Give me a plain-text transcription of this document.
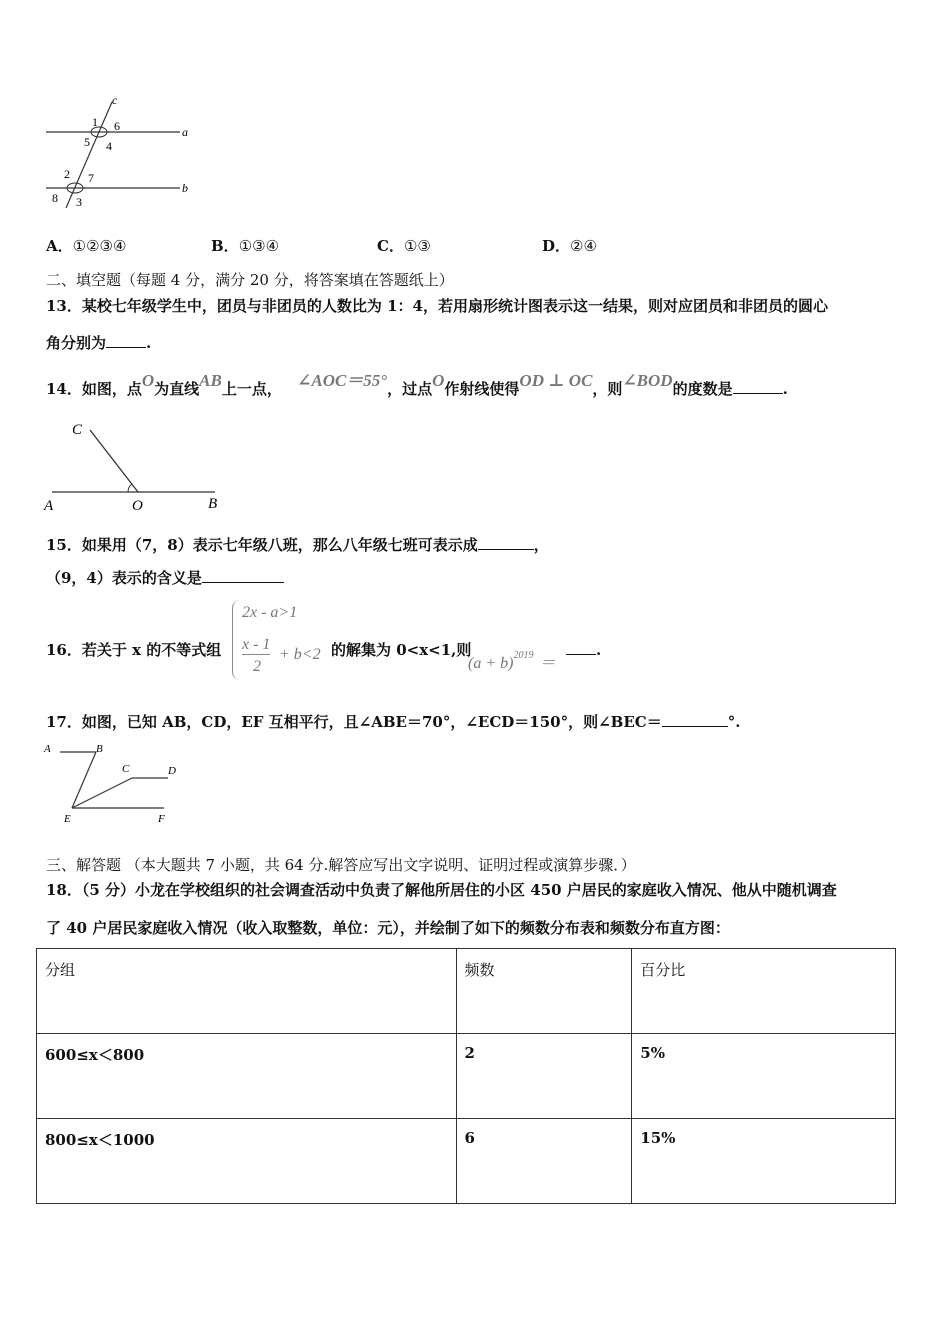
c
a
b
1 6
5 4
2 7
8 3
A．①②③④	B．①③④	C．①③	D．②④
二、填空题（每题 4 分，满分 20 分，将答案填在答题纸上）
13．某校七年级学生中，团员与非团员的人数比为 1：4，若用扇形统计图表示这一结果，则对应团员和非团员的圆心
角分别为	.
14．如图，点O为直线AB上一点， ∠AOC＝55°，过点O作射线使得OD ⊥ OC，则∠BOD的度数是	.
C
A	O	B
15．如果用（7，8）表示七年级八班，那么八年级七班可表示成	，
（9，4）表示的含义是
16．若关于 x 的不等式组
2x - a>1
x - 1
2
+ b<2 的解集为 0<x<1,则
$(a + b)^{2019}$ ＝
.
17．如图，已知 AB，CD，EF 互相平行，且∠ABE＝70°，∠ECD＝150°，则∠BEC＝	°.
A	B
C	D
E	F
三、解答题 （本大题共 7 小题，共 64 分.解答应写出文字说明、证明过程或演算步骤．）
18．（5 分）小龙在学校组织的社会调查活动中负责了解他所居住的小区 450 户居民的家庭收入情况、他从中随机调查
了 40 户居民家庭收入情况（收入取整数，单位：元），并绘制了如下的频数分布表和频数分布直方图：
分组	频数	百分比
600≤x＜800	2	5%
800≤x＜1000	6	15%
